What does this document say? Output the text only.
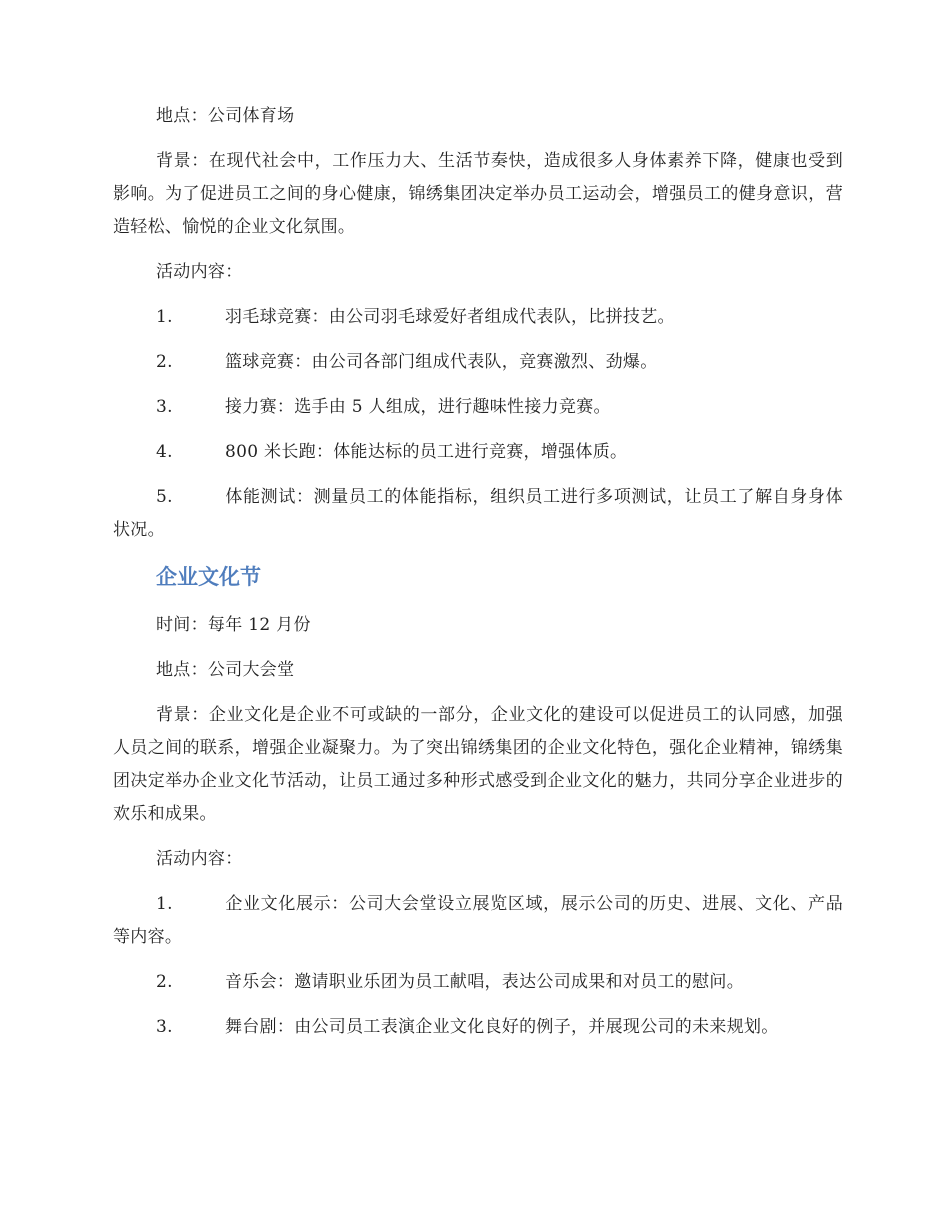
地点：公司体育场

背景：在现代社会中，工作压力大、生活节奏快，造成很多人身体素养下降，健康也受到影响。为了促进员工之间的身心健康，锦绣集团决定举办员工运动会，增强员工的健身意识，营造轻松、愉悦的企业文化氛围。

活动内容：

1.	羽毛球竞赛：由公司羽毛球爱好者组成代表队，比拼技艺。
2.	篮球竞赛：由公司各部门组成代表队，竞赛激烈、劲爆。
3.	接力赛：选手由 5 人组成，进行趣味性接力竞赛。
4.	800 米长跑：体能达标的员工进行竞赛，增强体质。
5.	体能测试：测量员工的体能指标，组织员工进行多项测试，让员工了解自身身体状况。
企业文化节

时间：每年 12 月份

地点：公司大会堂

背景：企业文化是企业不可或缺的一部分，企业文化的建设可以促进员工的认同感，加强人员之间的联系，增强企业凝聚力。为了突出锦绣集团的企业文化特色，强化企业精神，锦绣集团决定举办企业文化节活动，让员工通过多种形式感受到企业文化的魅力，共同分享企业进步的欢乐和成果。

活动内容：

1.	企业文化展示：公司大会堂设立展览区域，展示公司的历史、进展、文化、产品等内容。
2.	音乐会：邀请职业乐团为员工献唱，表达公司成果和对员工的慰问。
3.	舞台剧：由公司员工表演企业文化良好的例子，并展现公司的未来规划。
